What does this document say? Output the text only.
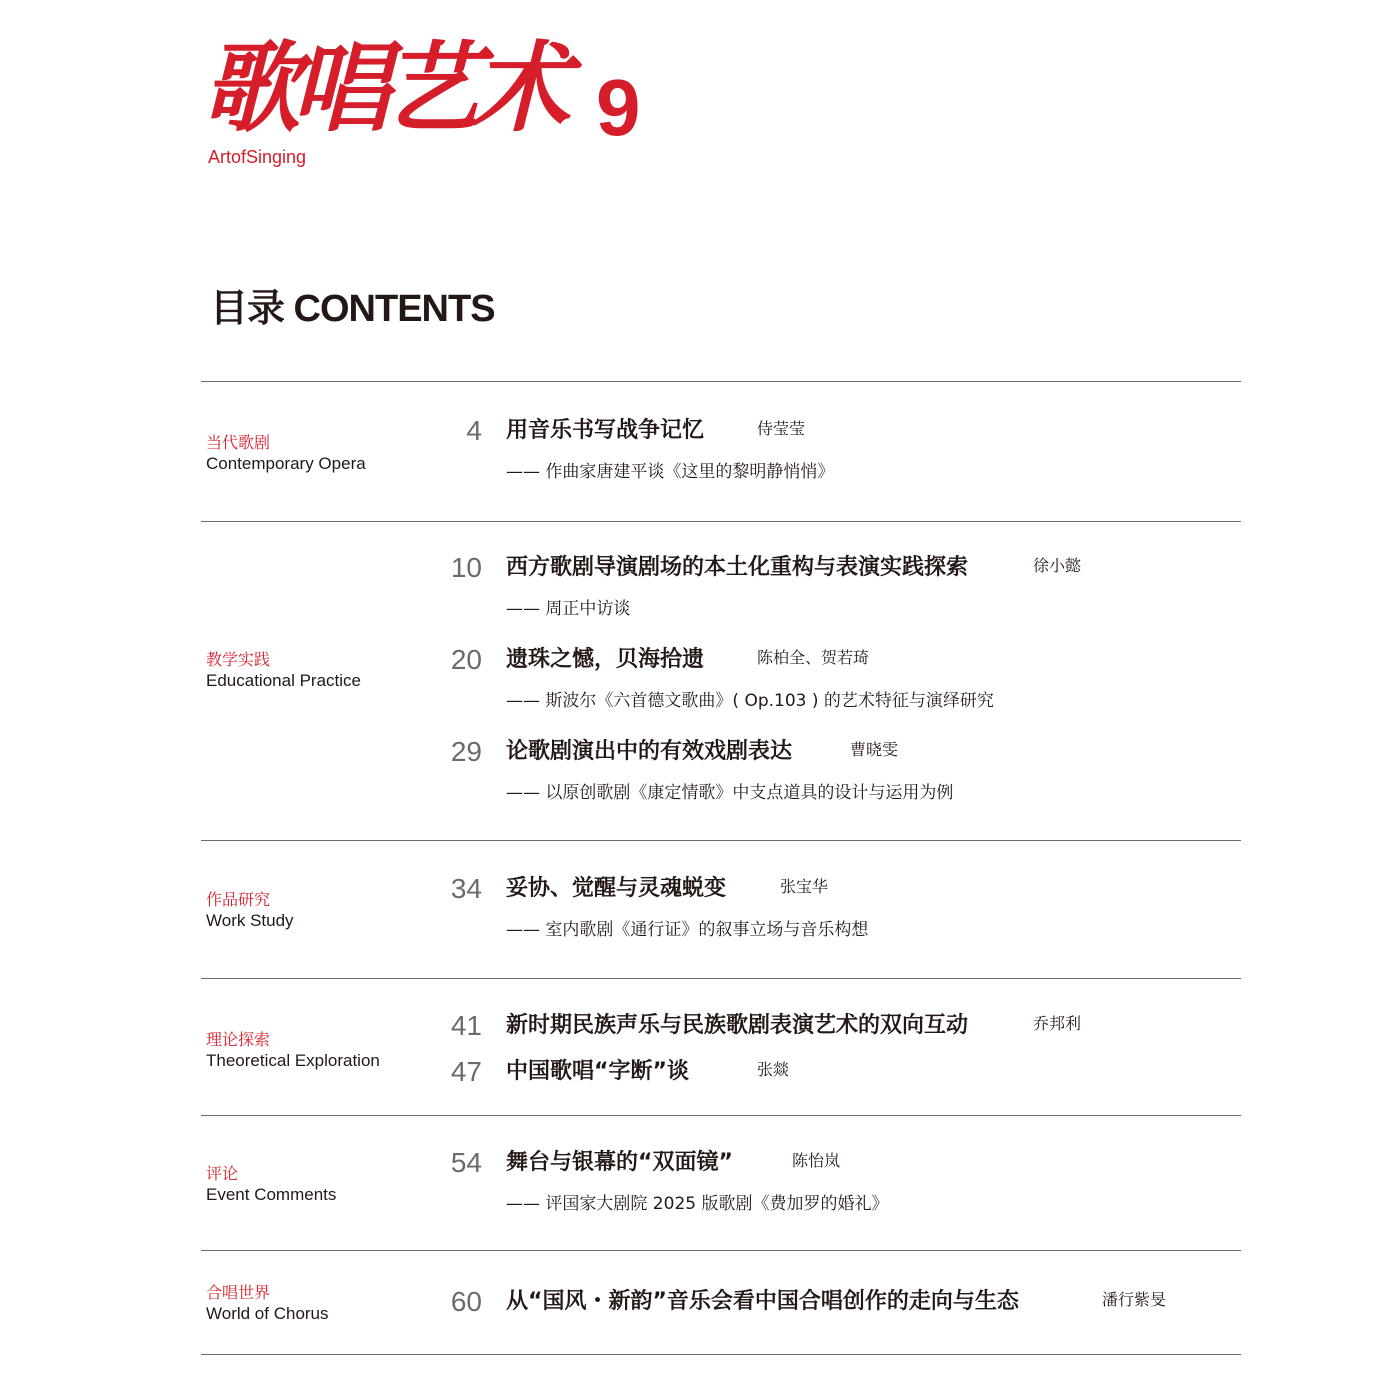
歌唱艺术 9
ArtofSinging
目录 CONTENTS
当代歌剧
Contemporary Opera
4 用音乐书写战争记忆	侍莹莹
—— 作曲家唐建平谈《这里的黎明静悄悄》
教学实践
Educational Practice
10 西方歌剧导演剧场的本土化重构与表演实践探索	徐小懿
—— 周正中访谈
20 遗珠之憾，贝海拾遗	陈柏全、贺若琦
—— 斯波尔《六首德文歌曲》( Op.103 ) 的艺术特征与演绎研究
29 论歌剧演出中的有效戏剧表达	曹晓雯
—— 以原创歌剧《康定情歌》中支点道具的设计与运用为例
作品研究
Work Study
34 妥协、觉醒与灵魂蜕变	张宝华
—— 室内歌剧《通行证》的叙事立场与音乐构想
理论探索
Theoretical Exploration
41 新时期民族声乐与民族歌剧表演艺术的双向互动	乔邦利
47 中国歌唱“字断”谈	张燚
评论
Event Comments
54 舞台与银幕的“双面镜”	陈怡岚
—— 评国家大剧院 2025 版歌剧《费加罗的婚礼》
合唱世界
World of Chorus	60 从“国风・新韵”音乐会看中国合唱创作的走向与生态	潘行紫旻
